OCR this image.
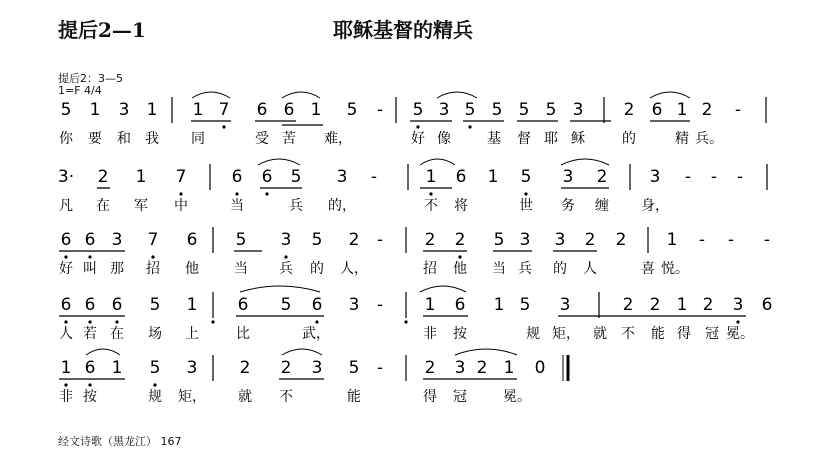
提后2—1	耶稣基督的精兵
提后2：3—5
1=F 4/4
5 1 3 1 1 7 6 6 1 5 - 5 3 5 5 5 5 3 2 6 1 2 -
你 要 和 我 同	受 苦 难，	好 像	基 督 耶 稣	的	精 兵。
3· 2 1 7	6 6 5 3 -	1 6 1 5 3 2 3 - - -
凡 在 军 中	当	兵 的，	不 将	世 务 缠 身，
6 6 3 7 6 5 3 5 2 - 2 2 5 3 3 2 2 1 - - -
好 叫 那 招 他	当 兵 的 人，	招 他 当 兵 的 人	喜 悦。
6 6 6 5 1 6 5 6 3 - 1 6 1 5 3	2 2 1 2 3 6
人 若 在 场 上	比	武，	非 按	规 矩， 就 不 能 得 冠 冕。
1 6 1 5 3 2 2 3 5 - 2 3 2 1 0
非 按	规 矩， 就 不	能	得 冠	冕。
经文诗歌（黑龙江） 167
